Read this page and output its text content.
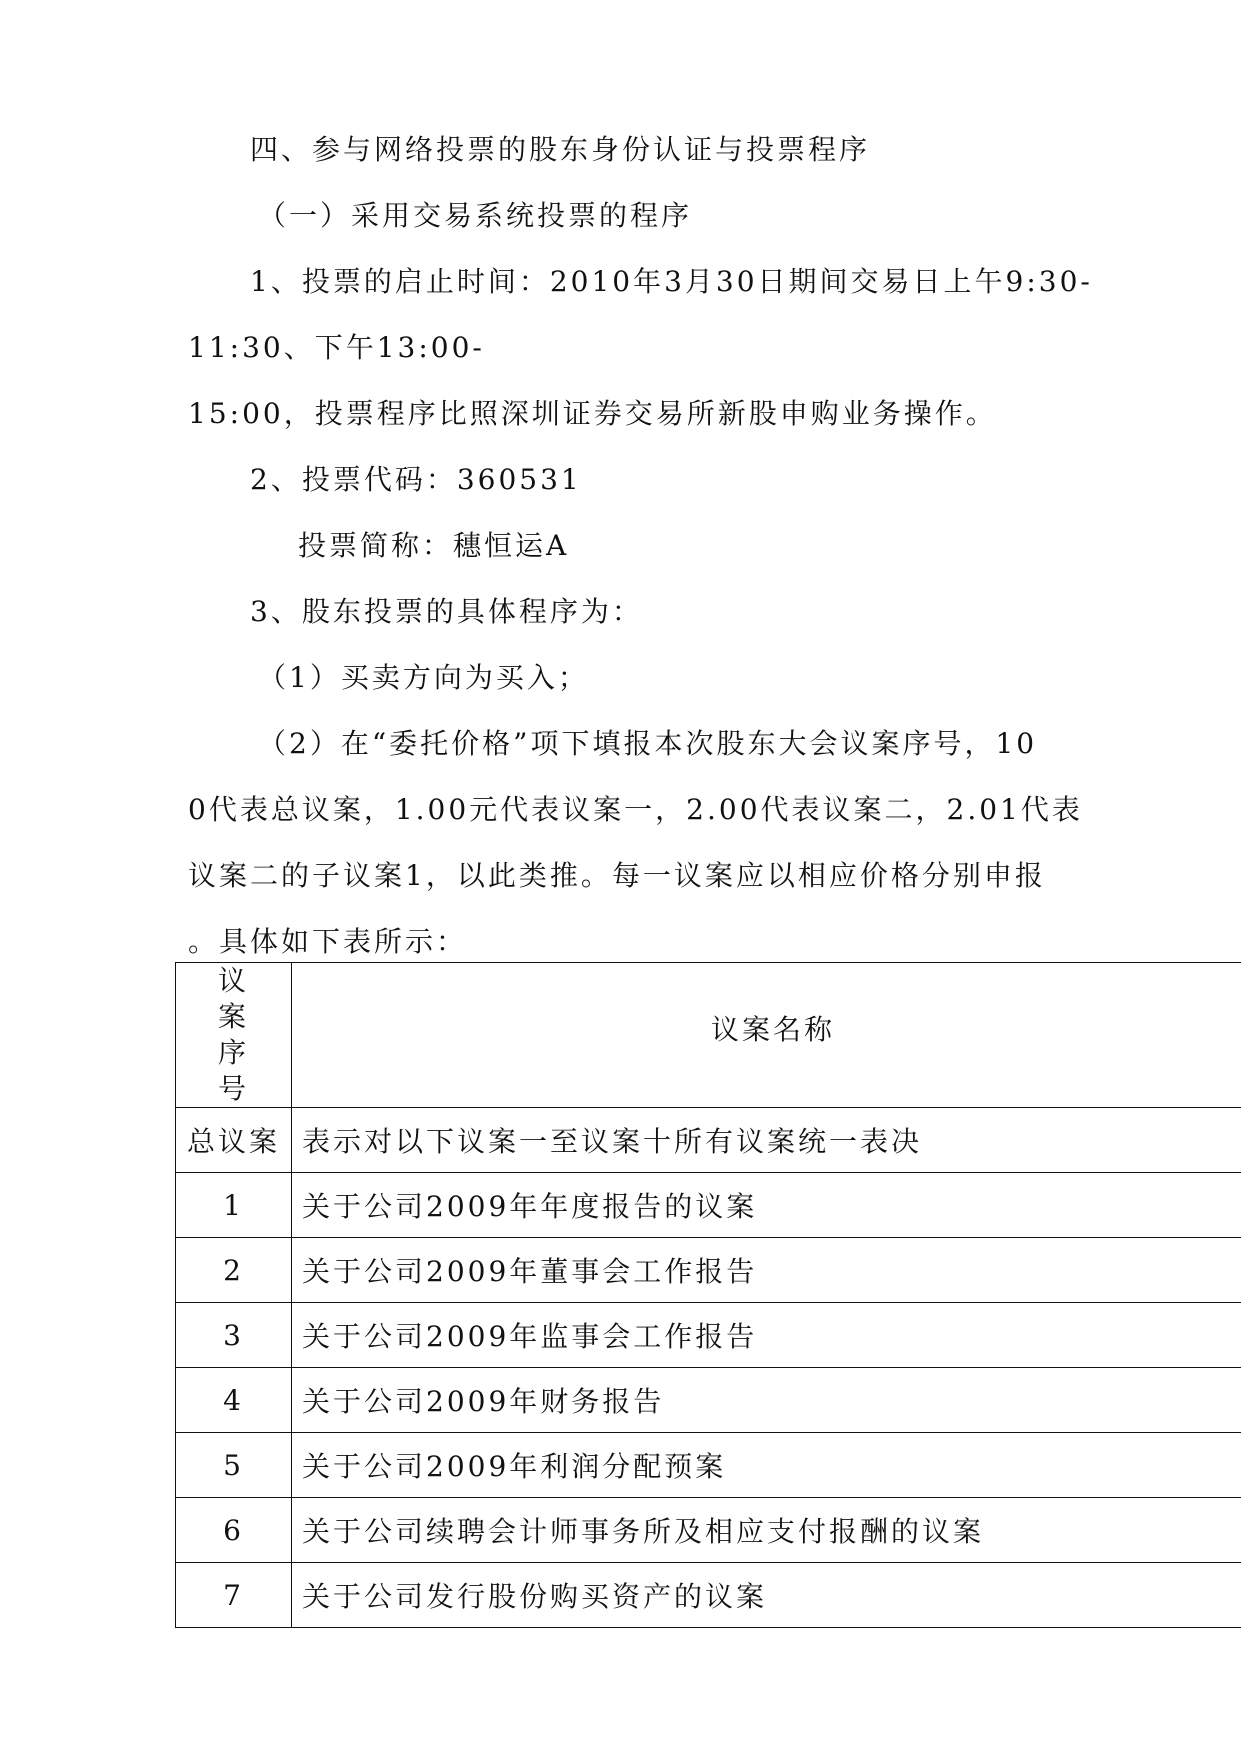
四、参与网络投票的股东身份认证与投票程序

（一）采用交易系统投票的程序

1、投票的启止时间：2010年3月30日期间交易日上午9:30-

11:30、下午13:00-

15:00，投票程序比照深圳证券交易所新股申购业务操作。

2、投票代码：360531

投票简称：穗恒运A

3、股东投票的具体程序为：

（1）买卖方向为买入；

（2）在“委托价格”项下填报本次股东大会议案序号，10

0代表总议案，1.00元代表议案一，2.00代表议案二，2.01代表

议案二的子议案1，以此类推。每一议案应以相应价格分别申报

。具体如下表所示：

议案序号	议案名称
总议案	表示对以下议案一至议案十所有议案统一表决
1	关于公司2009年年度报告的议案
2	关于公司2009年董事会工作报告
3	关于公司2009年监事会工作报告
4	关于公司2009年财务报告
5	关于公司2009年利润分配预案
6	关于公司续聘会计师事务所及相应支付报酬的议案
7	关于公司发行股份购买资产的议案
